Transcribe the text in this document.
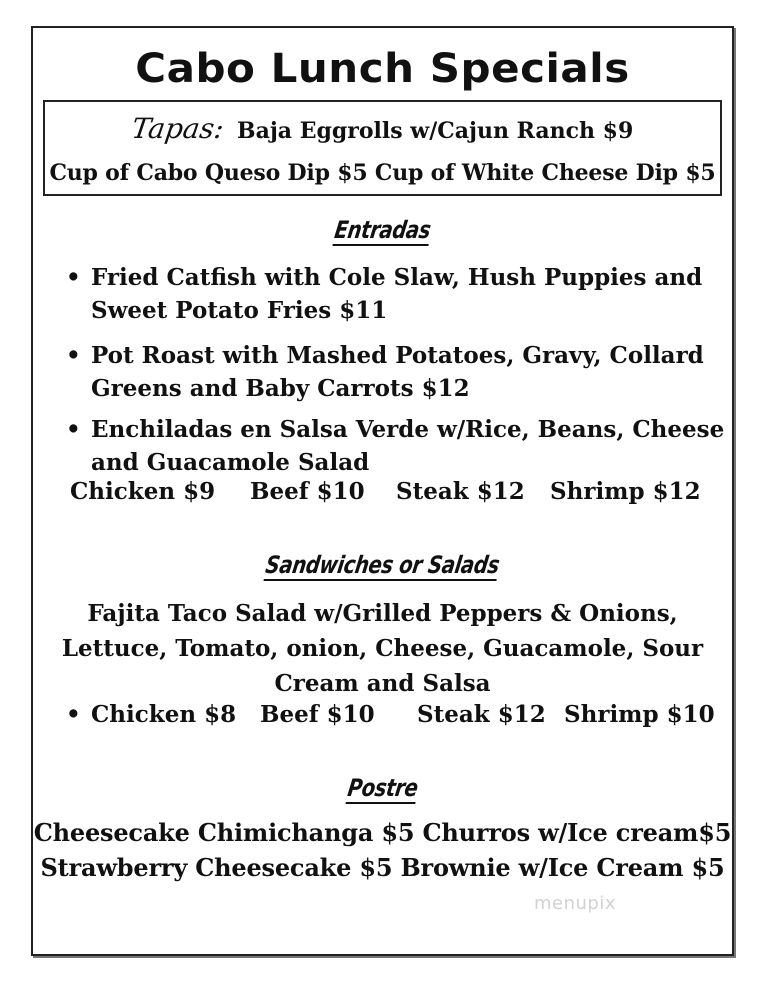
Cabo Lunch Specials
Tapas: Baja Eggrolls w/Cajun Ranch $9
Cup of Cabo Queso Dip $5 Cup of White Cheese Dip $5
Entradas
• Fried Catfish with Cole Slaw, Hush Puppies and
Sweet Potato Fries $11
• Pot Roast with Mashed Potatoes, Gravy, Collard
Greens and Baby Carrots $12
• Enchiladas en Salsa Verde w/Rice, Beans, Cheese
and Guacamole Salad
Chicken $9 Beef $10 Steak $12 Shrimp $12
Sandwiches or Salads
Fajita Taco Salad w/Grilled Peppers & Onions,
Lettuce, Tomato, onion, Cheese, Guacamole, Sour
Cream and Salsa
• Chicken $8 Beef $10 Steak $12 Shrimp $10
Postre
Cheesecake Chimichanga $5 Churros w/Ice cream$5
Strawberry Cheesecake $5 Brownie w/Ice Cream $5
menupix
